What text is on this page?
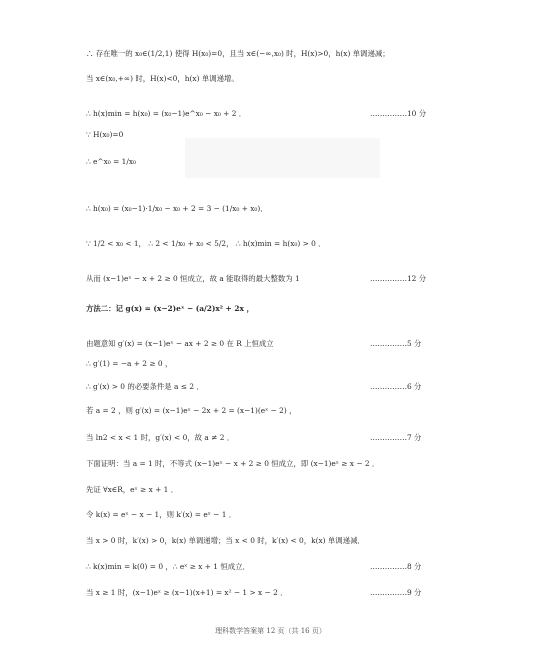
∴ 存在唯一的 x₀∈(1/2,1) 使得 H(x₀)=0，且当 x∈(−∞,x₀) 时，H(x)>0，h(x) 单调递减；
当 x∈(x₀,+∞) 时，H(x)<0，h(x) 单调递增。
∴ h(x)min = h(x₀) = (x₀−1)e^x₀ − x₀ + 2 ．	……………10 分
∵ H(x₀)=0
∴ e^x₀ = 1/x₀
∴ h(x₀) = (x₀−1)·1/x₀ − x₀ + 2 = 3 − (1/x₀ + x₀)．
∵ 1/2 < x₀ < 1， ∴ 2 < 1/x₀ + x₀ < 5/2， ∴ h(x)min = h(x₀) > 0 ．
从而 (x−1)eˣ − x + 2 ≥ 0 恒成立，故 a 能取得的最大整数为 1	……………12 分
方法二：记 g(x) = (x−2)eˣ − (a/2)x² + 2x ，
由题意知 g′(x) = (x−1)eˣ − ax + 2 ≥ 0 在 R 上恒成立	……………5 分
∴ g′(1) = −a + 2 ≥ 0 ，
∴ g′(x) > 0 的必要条件是 a ≤ 2 ．	……………6 分
若 a = 2 ，则 g′(x) = (x−1)eˣ − 2x + 2 = (x−1)(eˣ − 2) ，
当 ln2 < x < 1 时，g′(x) < 0，故 a ≠ 2 ．	……………7 分
下面证明：当 a = 1 时，不等式 (x−1)eˣ − x + 2 ≥ 0 恒成立，即 (x−1)eˣ ≥ x − 2 ．
先证 ∀x∈R，eˣ ≥ x + 1 ．
令 k(x) = eˣ − x − 1，则 k′(x) = eˣ − 1 ．
当 x > 0 时，k′(x) > 0，k(x) 单调递增；当 x < 0 时，k′(x) < 0，k(x) 单调递减．
∴ k(x)min = k(0) = 0 ，∴ eˣ ≥ x + 1 恒成立．	……………8 分
当 x ≥ 1 时，(x−1)eˣ ≥ (x−1)(x+1) = x² − 1 > x − 2 ．	……………9 分
理科数学答案第 12 页（共 16 页）
